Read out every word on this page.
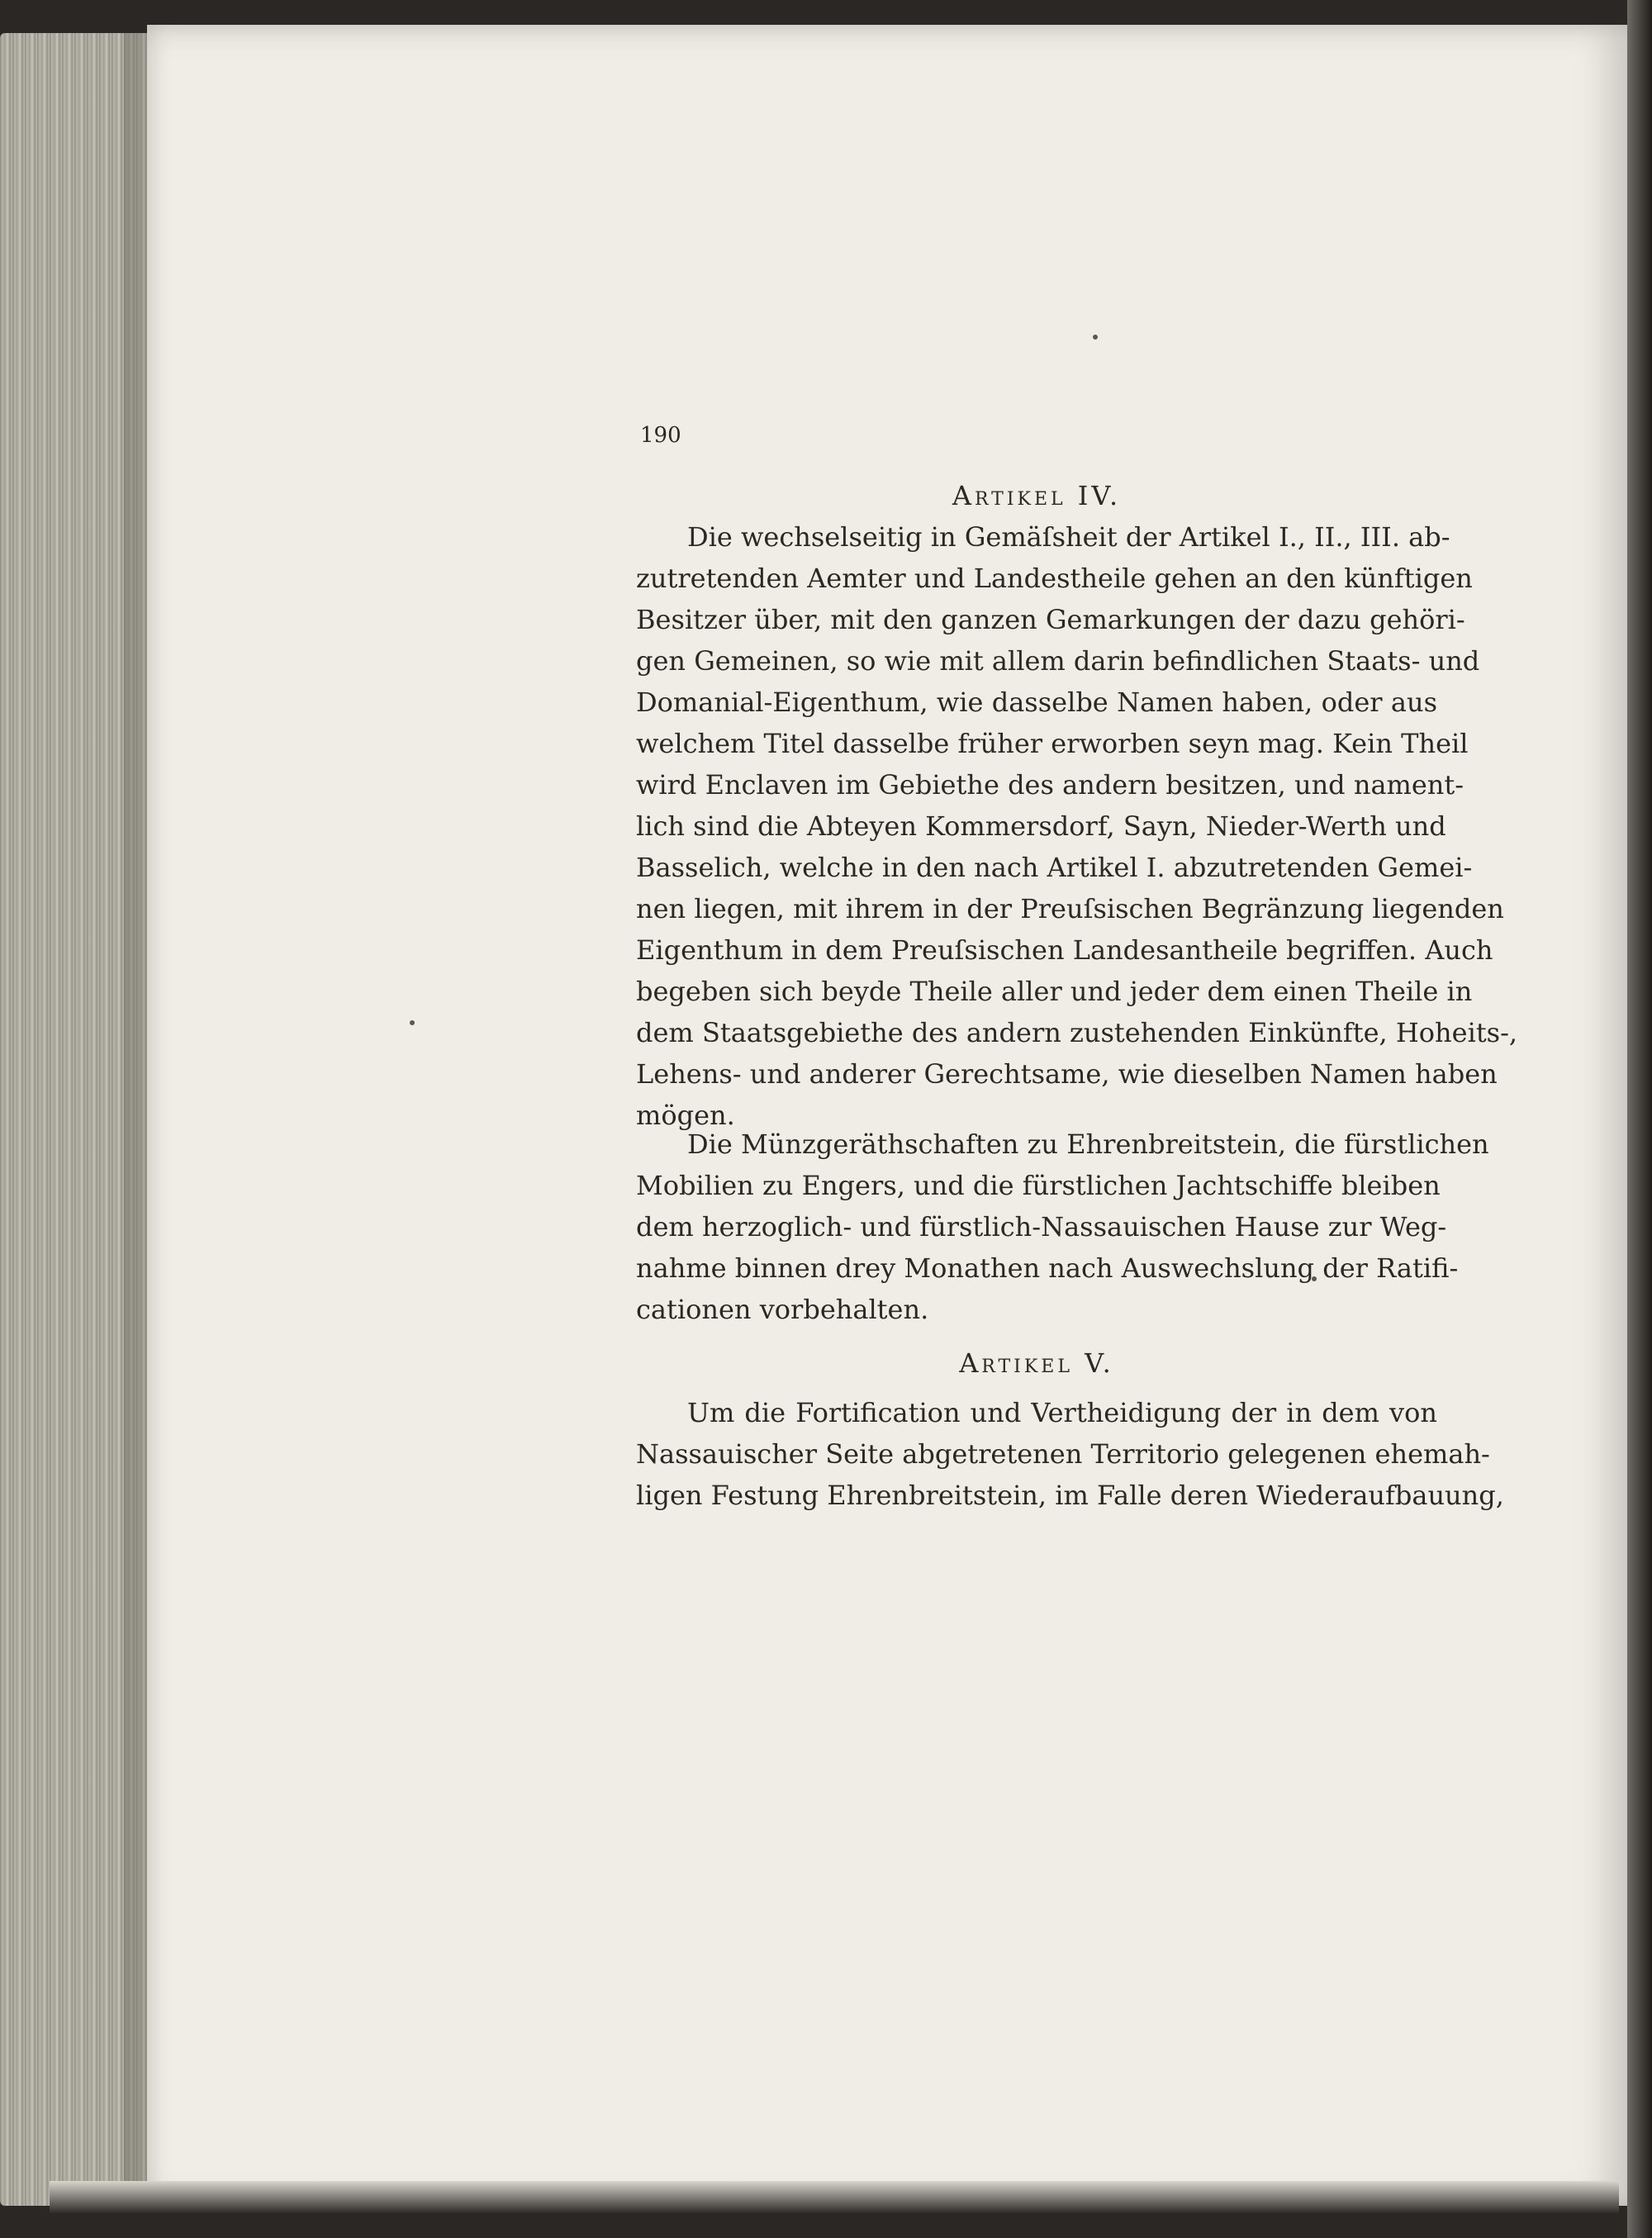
190

Artikel IV.

Die wechselseitig in Gemäſsheit der Artikel I., II., III. ab-
zutretenden Aemter und Landestheile gehen an den künftigen
Besitzer über, mit den ganzen Gemarkungen der dazu gehöri-
gen Gemeinen, so wie mit allem darin befindlichen Staats- und
Domanial-Eigenthum, wie dasselbe Namen haben, oder aus
welchem Titel dasselbe früher erworben seyn mag. Kein Theil
wird Enclaven im Gebiethe des andern besitzen, und nament-
lich sind die Abteyen Kommersdorf, Sayn, Nieder-Werth und
Basselich, welche in den nach Artikel I. abzutretenden Gemei-
nen liegen, mit ihrem in der Preuſsischen Begränzung liegenden
Eigenthum in dem Preuſsischen Landesantheile begriffen. Auch
begeben sich beyde Theile aller und jeder dem einen Theile in
dem Staatsgebiethe des andern zustehenden Einkünfte, Hoheits-,
Lehens- und anderer Gerechtsame, wie dieselben Namen haben
mögen.
Die Münzgeräthschaften zu Ehrenbreitstein, die fürstlichen
Mobilien zu Engers, und die fürstlichen Jachtschiffe bleiben
dem herzoglich- und fürstlich-Nassauischen Hause zur Weg-
nahme binnen drey Monathen nach Auswechslung der Ratifi-
cationen vorbehalten.

Artikel V.

Um die Fortification und Vertheidigung der in dem von
Nassauischer Seite abgetretenen Territorio gelegenen ehemah-
ligen Festung Ehrenbreitstein, im Falle deren Wiederaufbauung,
